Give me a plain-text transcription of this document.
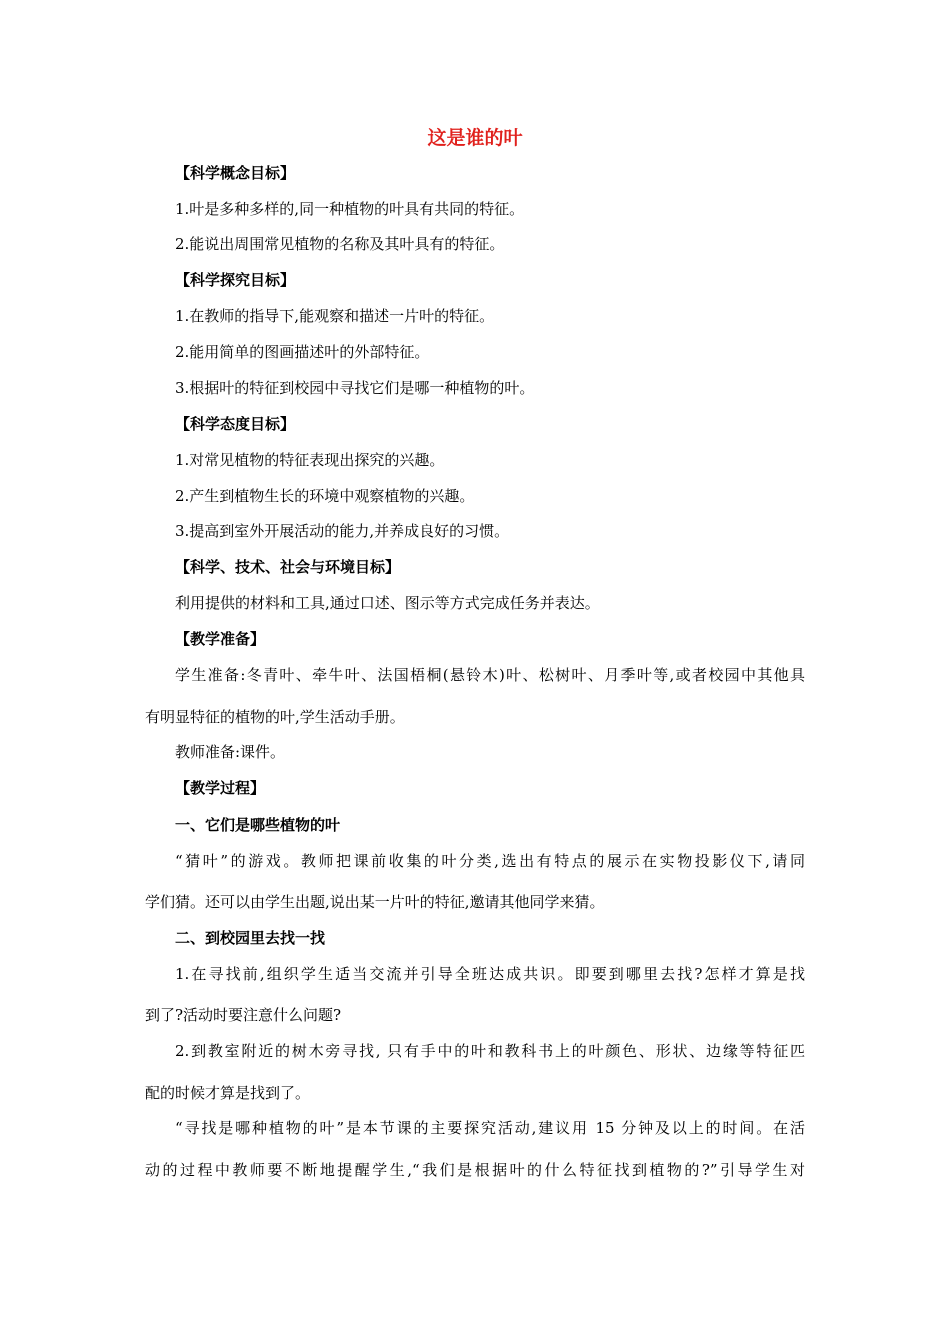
这是谁的叶
【科学概念目标】
1.叶是多种多样的,同一种植物的叶具有共同的特征。
2.能说出周围常见植物的名称及其叶具有的特征。
【科学探究目标】
1.在教师的指导下,能观察和描述一片叶的特征。
2.能用简单的图画描述叶的外部特征。
3.根据叶的特征到校园中寻找它们是哪一种植物的叶。
【科学态度目标】
1.对常见植物的特征表现出探究的兴趣。
2.产生到植物生长的环境中观察植物的兴趣。
3.提高到室外开展活动的能力,并养成良好的习惯。
【科学、技术、社会与环境目标】
利用提供的材料和工具,通过口述、图示等方式完成任务并表达。
【教学准备】
学生准备:冬青叶、牵牛叶、法国梧桐(悬铃木)叶、松树叶、月季叶等,或者校园中其他具
有明显特征的植物的叶,学生活动手册。
教师准备:课件。
【教学过程】
一、它们是哪些植物的叶
“猜叶”的游戏。教师把课前收集的叶分类,选出有特点的展示在实物投影仪下,请同
学们猜。还可以由学生出题,说出某一片叶的特征,邀请其他同学来猜。
二、到校园里去找一找
1.在寻找前,组织学生适当交流并引导全班达成共识。即要到哪里去找?怎样才算是找
到了?活动时要注意什么问题?
2.到教室附近的树木旁寻找, 只有手中的叶和教科书上的叶颜色、形状、边缘等特征匹
配的时候才算是找到了。
“寻找是哪种植物的叶”是本节课的主要探究活动,建议用 15 分钟及以上的时间。在活
动的过程中教师要不断地提醒学生,“我们是根据叶的什么特征找到植物的?”引导学生对
